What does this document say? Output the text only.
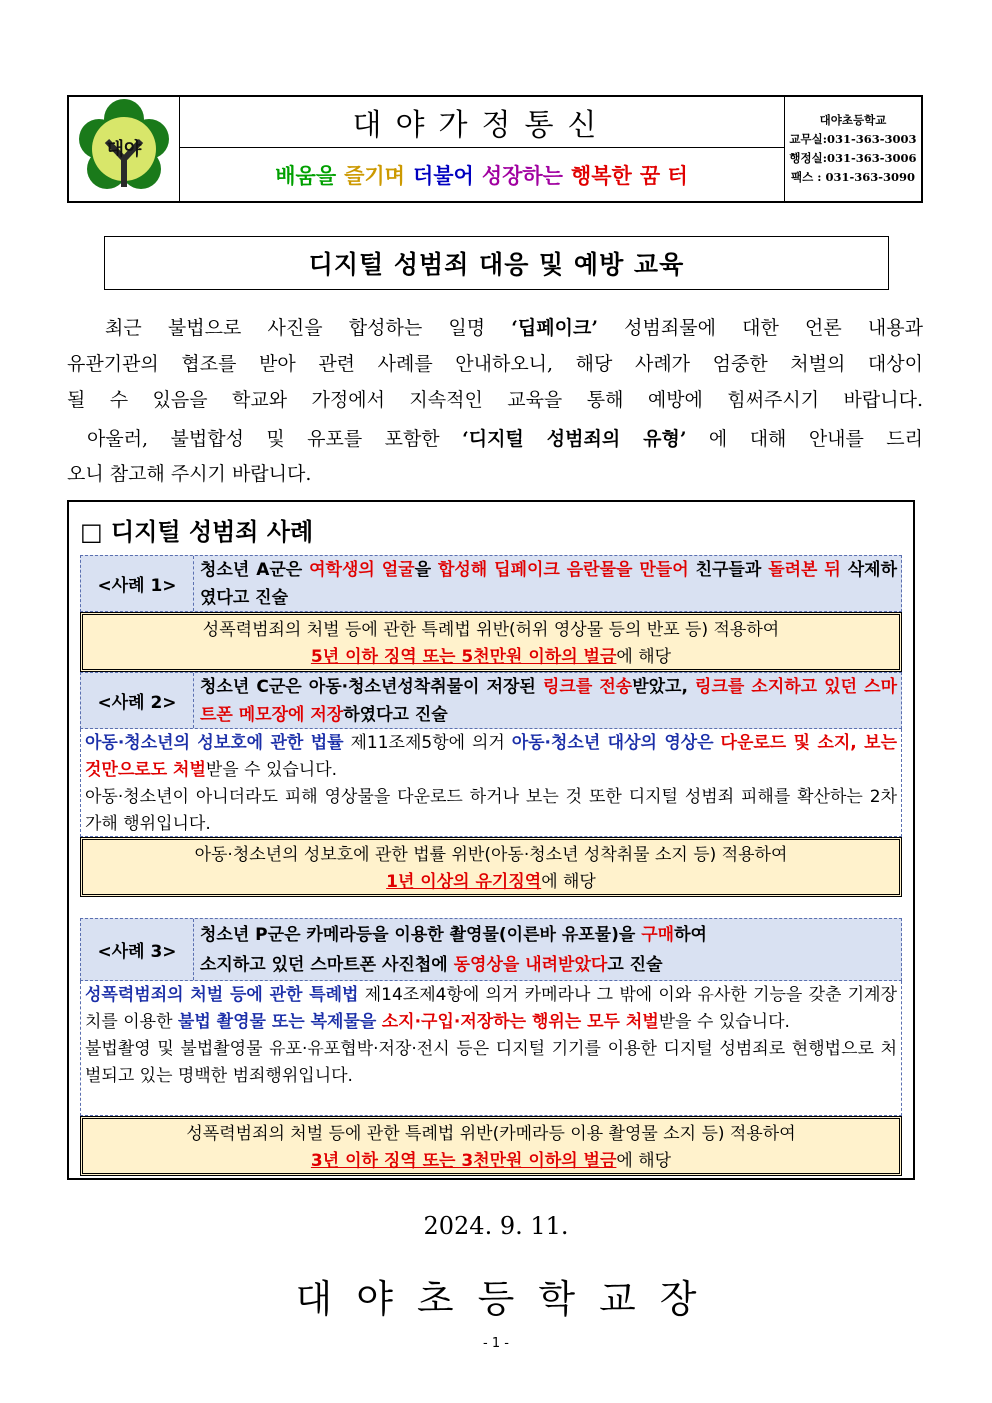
대야
대야가정통신
배움을 즐기며 더불어 성장하는 행복한 꿈 터
대야초등학교
교무실:031-363-3003
행정실:031-363-3006
팩스 : 031-363-3090
디지털 성범죄 대응 및 예방 교육
최근 불법으로 사진을 합성하는 일명 ‘딥페이크’ 성범죄물에 대한 언론 내용과
유관기관의 협조를 받아 관련 사례를 안내하오니, 해당 사례가 엄중한 처벌의 대상이
될 수 있음을 학교와 가정에서 지속적인 교육을 통해 예방에 힘써주시기 바랍니다.
아울러, 불법합성 및 유포를 포함한 ‘디지털 성범죄의 유형’ 에 대해 안내를 드리
오니 참고해 주시기 바랍니다.
□ 디지털 성범죄 사례
<사례 1>
청소년 A군은 여학생의 얼굴을 합성해 딥페이크 음란물을 만들어 친구들과 돌려본 뒤 삭제하였다고 진술
성폭력범죄의 처벌 등에 관한 특례법 위반(허위 영상물 등의 반포 등) 적용하여
5년 이하 징역 또는 5천만원 이하의 벌금에 해당
<사례 2>
청소년 C군은 아동·청소년성착취물이 저장된 링크를 전송받았고, 링크를 소지하고 있던 스마트폰 메모장에 저장하였다고 진술
아동·청소년의 성보호에 관한 법률 제11조제5항에 의거 아동·청소년 대상의 영상은 다운로드 및 소지, 보는 것만으로도 처벌받을 수 있습니다.
아동·청소년이 아니더라도 피해 영상물을 다운로드 하거나 보는 것 또한 디지털 성범죄 피해를 확산하는 2차 가해 행위입니다.
아동·청소년의 성보호에 관한 법률 위반(아동·청소년 성착취물 소지 등) 적용하여
1년 이상의 유기징역에 해당
<사례 3>
청소년 P군은 카메라등을 이용한 촬영물(이른바 유포물)을 구매하여
소지하고 있던 스마트폰 사진첩에 동영상을 내려받았다고 진술
성폭력범죄의 처벌 등에 관한 특례법 제14조제4항에 의거 카메라나 그 밖에 이와 유사한 기능을 갖춘 기계장치를 이용한 불법 촬영물 또는 복제물을 소지·구입·저장하는 행위는 모두 처벌받을 수 있습니다.
불법촬영 및 불법촬영물 유포·유포협박·저장·전시 등은 디지털 기기를 이용한 디지털 성범죄로 현행법으로 처벌되고 있는 명백한 범죄행위입니다.
성폭력범죄의 처벌 등에 관한 특례법 위반(카메라등 이용 촬영물 소지 등) 적용하여
3년 이하 징역 또는 3천만원 이하의 벌금에 해당
2024. 9. 11.
대야초등학교장
- 1 -
